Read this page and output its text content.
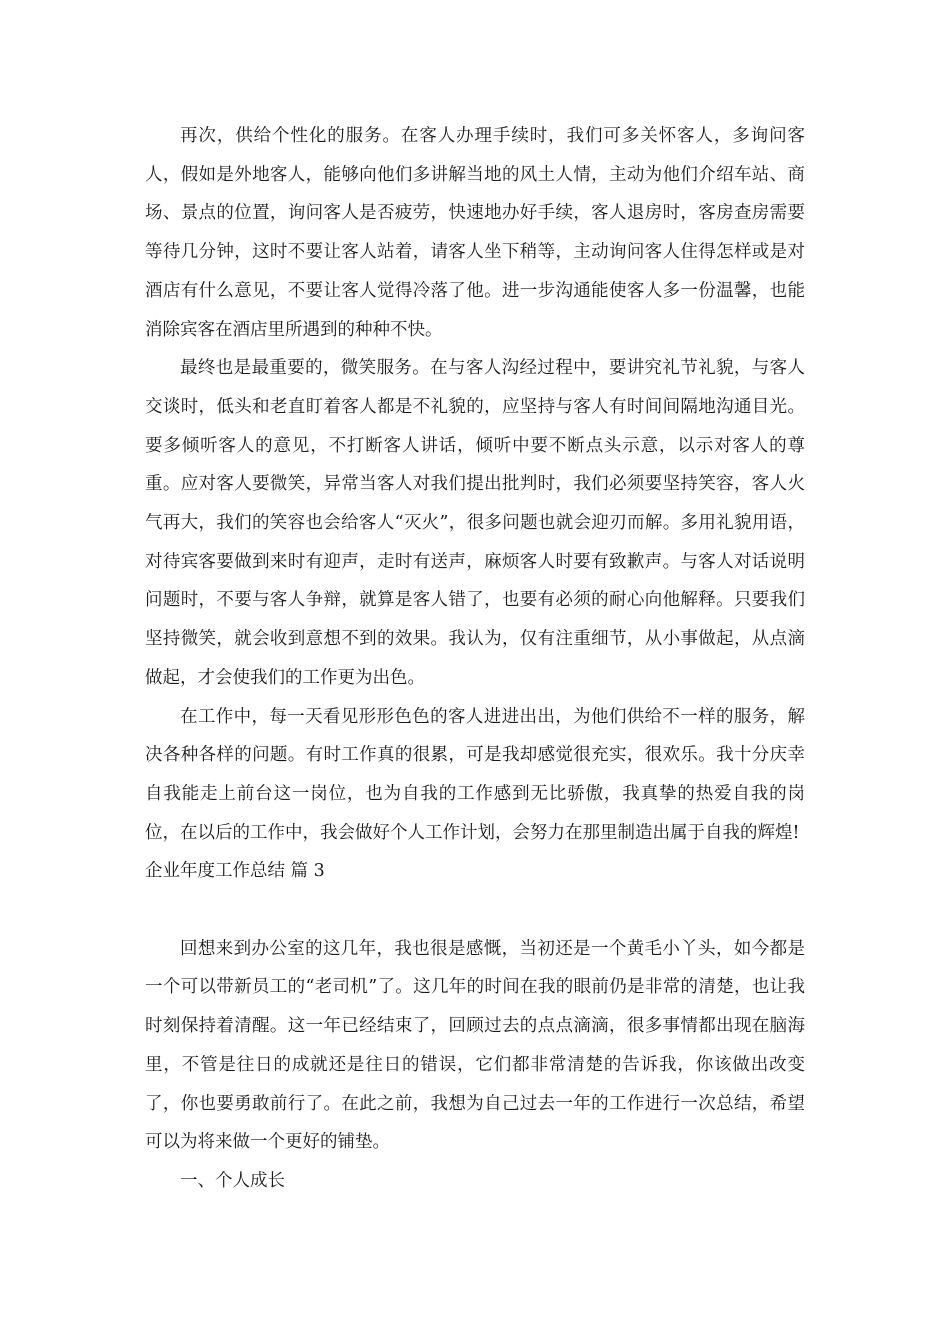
再次，供给个性化的服务。在客人办理手续时，我们可多关怀客人，多询问客人，假如是外地客人，能够向他们多讲解当地的风土人情，主动为他们介绍车站、商场、景点的位置，询问客人是否疲劳，快速地办好手续，客人退房时，客房查房需要等待几分钟，这时不要让客人站着，请客人坐下稍等，主动询问客人住得怎样或是对酒店有什么意见，不要让客人觉得冷落了他。进一步沟通能使客人多一份温馨，也能消除宾客在酒店里所遇到的种种不快。

最终也是最重要的，微笑服务。在与客人沟经过程中，要讲究礼节礼貌，与客人交谈时，低头和老直盯着客人都是不礼貌的，应坚持与客人有时间间隔地沟通目光。要多倾听客人的意见，不打断客人讲话，倾听中要不断点头示意，以示对客人的尊重。应对客人要微笑，异常当客人对我们提出批判时，我们必须要坚持笑容，客人火气再大，我们的笑容也会给客人“灭火”，很多问题也就会迎刃而解。多用礼貌用语，对待宾客要做到来时有迎声，走时有送声，麻烦客人时要有致歉声。与客人对话说明问题时，不要与客人争辩，就算是客人错了，也要有必须的耐心向他解释。只要我们坚持微笑，就会收到意想不到的效果。我认为，仅有注重细节，从小事做起，从点滴做起，才会使我们的工作更为出色。

在工作中，每一天看见形形色色的客人进进出出，为他们供给不一样的服务，解决各种各样的问题。有时工作真的很累，可是我却感觉很充实，很欢乐。我十分庆幸自我能走上前台这一岗位，也为自我的工作感到无比骄傲，我真挚的热爱自我的岗位，在以后的工作中，我会做好个人工作计划，会努力在那里制造出属于自我的辉煌!

企业年度工作总结 篇 3

回想来到办公室的这几年，我也很是感慨，当初还是一个黄毛小丫头，如今都是一个可以带新员工的“老司机”了。这几年的时间在我的眼前仍是非常的清楚，也让我时刻保持着清醒。这一年已经结束了，回顾过去的点点滴滴，很多事情都出现在脑海里，不管是往日的成就还是往日的错误，它们都非常清楚的告诉我，你该做出改变了，你也要勇敢前行了。在此之前，我想为自己过去一年的工作进行一次总结，希望可以为将来做一个更好的铺垫。

一、个人成长
